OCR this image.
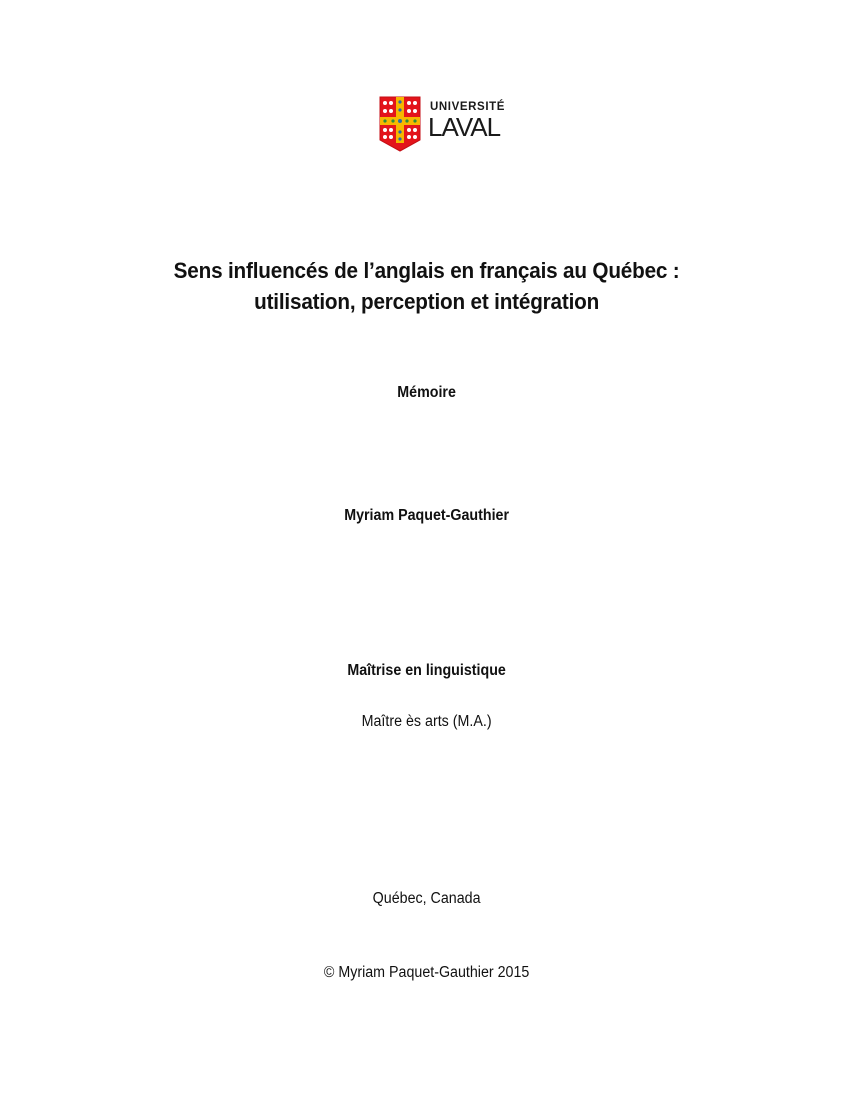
UNIVERSITÉ
LAVAL
Sens influencés de l’anglais en français au Québec :
utilisation, perception et intégration
Mémoire
Myriam Paquet-Gauthier
Maîtrise en linguistique
Maître ès arts (M.A.)
Québec, Canada
© Myriam Paquet-Gauthier 2015
